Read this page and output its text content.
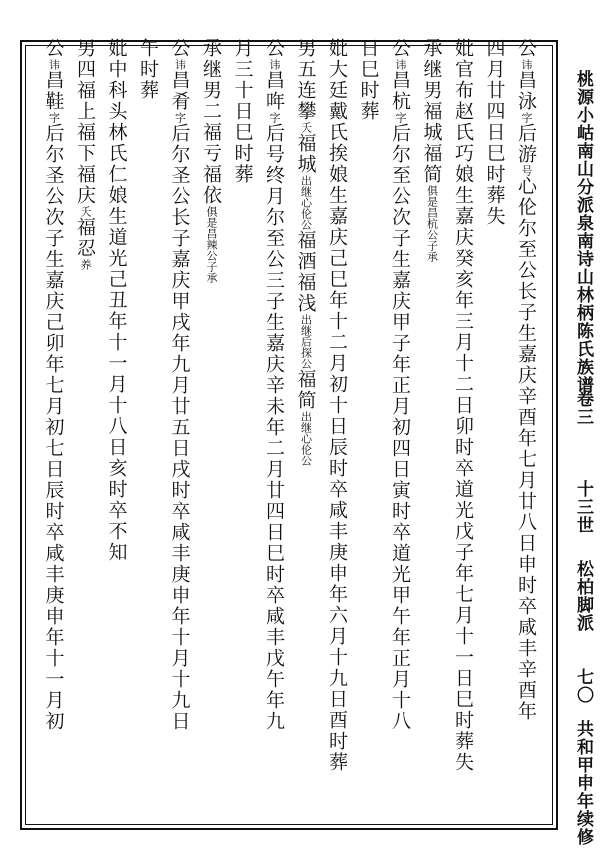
桃源小岵南山分派泉南诗山林柄陈氏族谱
卷三
十三世
松柏脚派
七〇
共和甲申年续修
公讳昌泳字后游号心伦尔至公长子生嘉庆辛酉年七月廿八日申时卒咸丰辛酉年
四月廿四日巳时葬失
妣官布赵氏巧娘生嘉庆癸亥年三月十二日卯时卒道光戊子年七月十一日巳时葬失
承继男福城福简俱是昌杭公子承
公讳昌杭字后尔至公次子生嘉庆甲子年正月初四日寅时卒道光甲午年正月十八
日巳时葬
妣大廷戴氏挨娘生嘉庆己巳年十二月初十日辰时卒咸丰庚申年六月十九日酉时葬
男五连攀夭福城出继心伦公福酒福浅出继后探公福简出继心伦公
公讳昌哖字后号终月尔至公三子生嘉庆辛未年二月廿四日巳时卒咸丰戊午年九
月三十日巳时葬
承继男二福亏福依俱是昌辣公子承
公讳昌肴字后尔圣公长子嘉庆甲戌年九月廿五日戌时卒咸丰庚申年十月十九日
午时葬
妣中科头林氏仁娘生道光己丑年十一月十八日亥时卒不知
男四福上福下福庆夭福忍养
公讳昌鞋字后尔圣公次子生嘉庆己卯年七月初七日辰时卒咸丰庚申年十一月初
